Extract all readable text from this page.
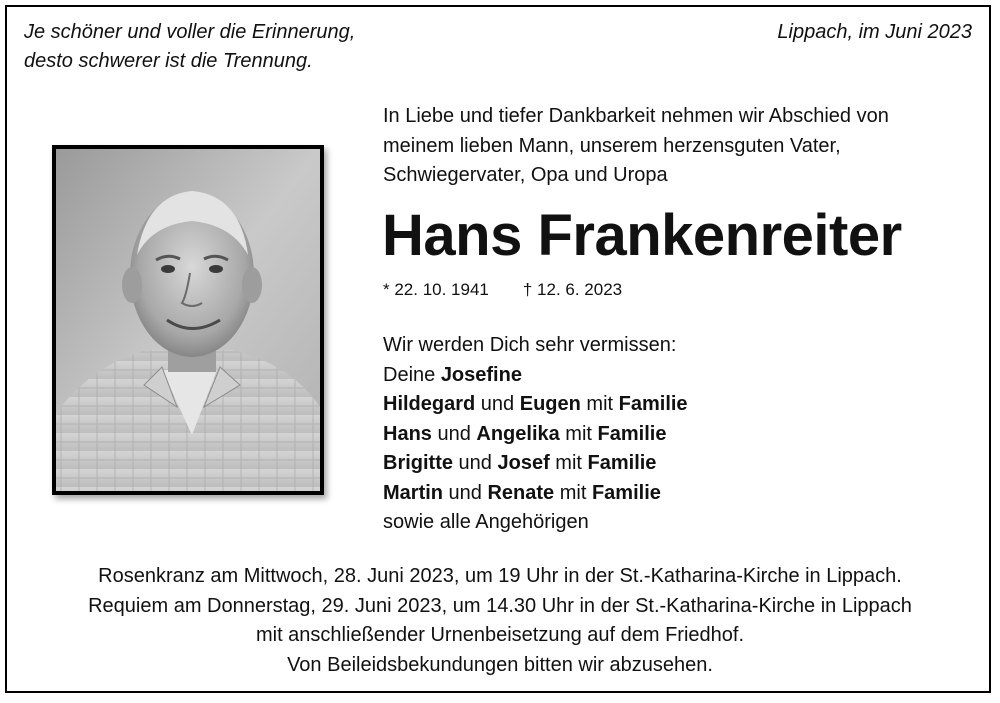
Je schöner und voller die Erinnerung,
desto schwerer ist die Trennung.
Lippach, im Juni 2023
In Liebe und tiefer Dankbarkeit nehmen wir Abschied von
meinem lieben Mann, unserem herzensguten Vater,
Schwiegervater, Opa und Uropa
Hans Frankenreiter
* 22. 10. 1941 † 12. 6. 2023
Wir werden Dich sehr vermissen:
Deine Josefine
Hildegard und Eugen mit Familie
Hans und Angelika mit Familie
Brigitte und Josef mit Familie
Martin und Renate mit Familie
sowie alle Angehörigen
Rosenkranz am Mittwoch, 28. Juni 2023, um 19 Uhr in der St.-Katharina-Kirche in Lippach.
Requiem am Donnerstag, 29. Juni 2023, um 14.30 Uhr in der St.-Katharina-Kirche in Lippach
mit anschließender Urnenbeisetzung auf dem Friedhof.
Von Beileidsbekundungen bitten wir abzusehen.
